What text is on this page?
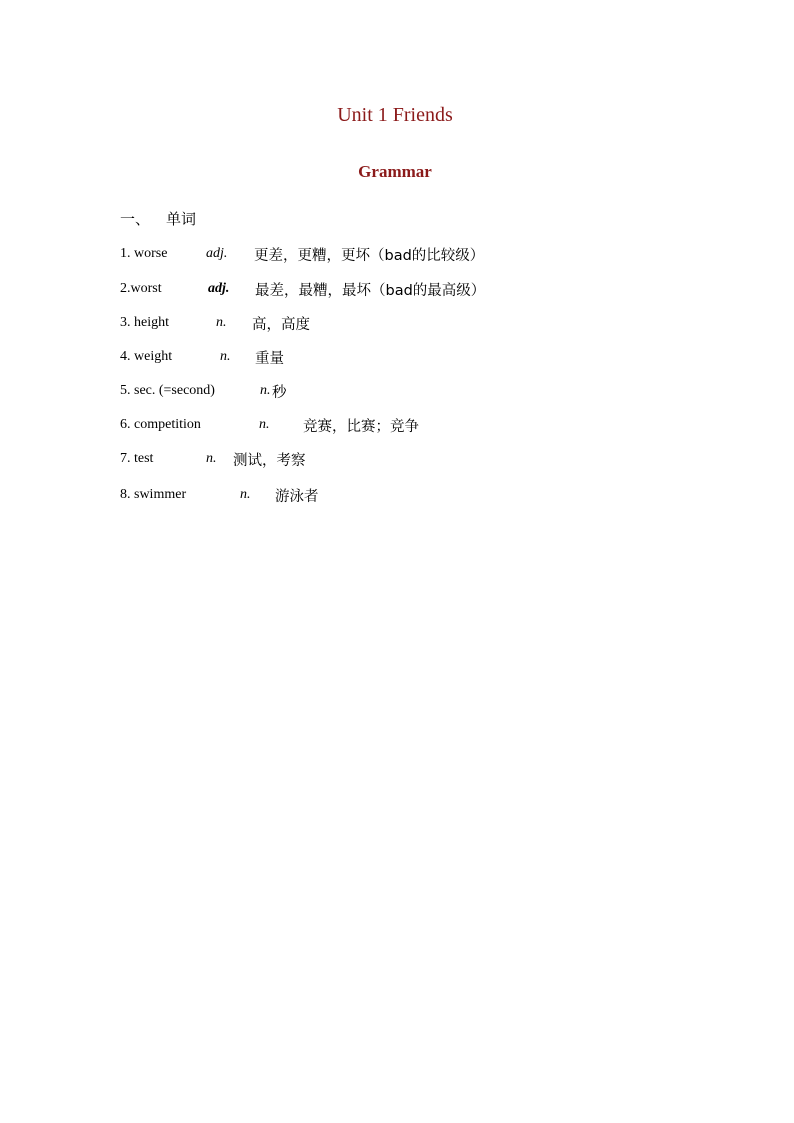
Unit 1 Friends
Grammar
一、 单词
1. worse	adj. 更差，更糟，更坏（bad的比较级）
2.worst	adj. 最差，最糟，最坏（bad的最高级）
3. height	n. 高，高度
4. weight	n. 重量
5. sec. (=second)	n. 秒
6. competition	n. 竞赛，比赛；竞争
7. test	n. 测试，考察
8. swimmer	n. 游泳者
